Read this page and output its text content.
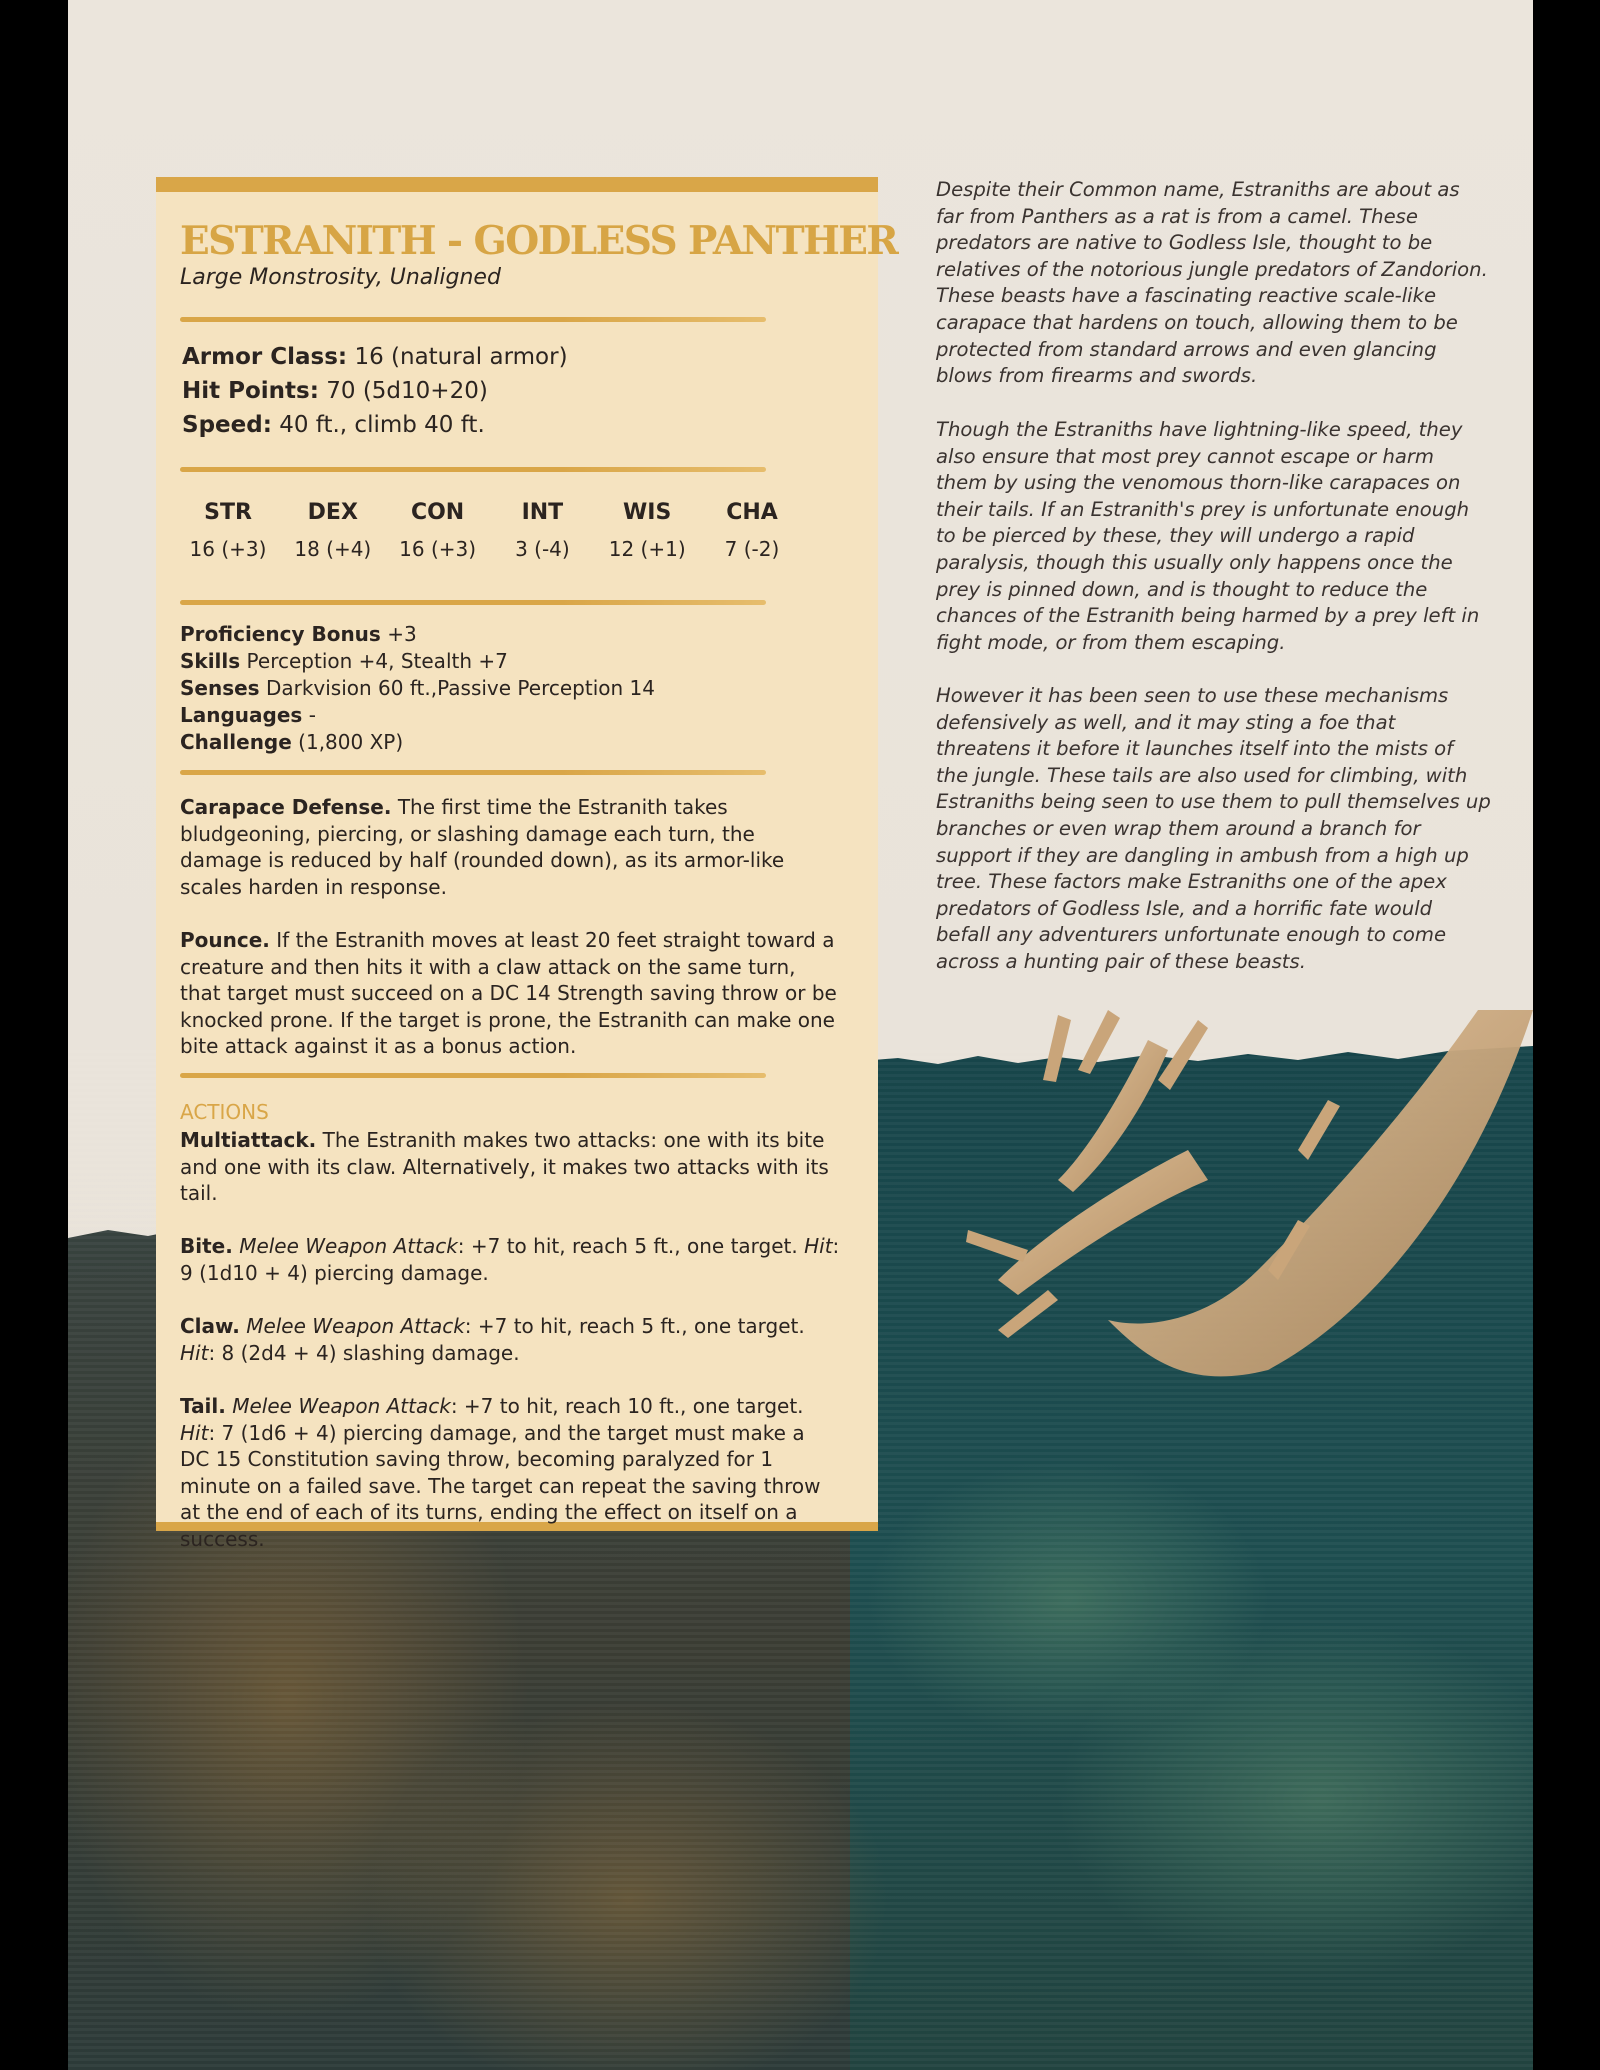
ESTRANITH - GODLESS PANTHER
Large Monstrosity, Unaligned
Armor Class: 16 (natural armor)
Hit Points: 70 (5d10+20)
Speed: 40 ft., climb 40 ft.
STR
16 (+3)
DEX
18 (+4)
CON
16 (+3)
INT
3 (-4)
WIS
12 (+1)
CHA
7 (-2)
Proficiency Bonus +3
Skills Perception +4, Stealth +7
Senses Darkvision 60 ft.,Passive Perception 14
Languages -
Challenge (1,800 XP)
Carapace Defense. The first time the Estranith takes bludgeoning, piercing, or slashing damage each turn, the damage is reduced by half (rounded down), as its armor-like scales harden in response.
Pounce. If the Estranith moves at least 20 feet straight toward a creature and then hits it with a claw attack on the same turn, that target must succeed on a DC 14 Strength saving throw or be knocked prone. If the target is prone, the Estranith can make one bite attack against it as a bonus action.
ACTIONS
Multiattack. The Estranith makes two attacks: one with its bite and one with its claw. Alternatively, it makes two attacks with its tail.
Bite. Melee Weapon Attack: +7 to hit, reach 5 ft., one target. Hit: 9 (1d10 + 4) piercing damage.
Claw. Melee Weapon Attack: +7 to hit, reach 5 ft., one target. Hit: 8 (2d4 + 4) slashing damage.
Tail. Melee Weapon Attack: +7 to hit, reach 10 ft., one target. Hit: 7 (1d6 + 4) piercing damage, and the target must make a DC 15 Constitution saving throw, becoming paralyzed for 1 minute on a failed save. The target can repeat the saving throw at the end of each of its turns, ending the effect on itself on a success.

Despite their Common name, Estraniths are about as far from Panthers as a rat is from a camel. These predators are native to Godless Isle, thought to be relatives of the notorious jungle predators of Zandorion. These beasts have a fascinating reactive scale-like carapace that hardens on touch, allowing them to be protected from standard arrows and even glancing blows from firearms and swords.

Though the Estraniths have lightning-like speed, they also ensure that most prey cannot escape or harm them by using the venomous thorn-like carapaces on their tails. If an Estranith's prey is unfortunate enough to be pierced by these, they will undergo a rapid paralysis, though this usually only happens once the prey is pinned down, and is thought to reduce the chances of the Estranith being harmed by a prey left in fight mode, or from them escaping.

However it has been seen to use these mechanisms defensively as well, and it may sting a foe that threatens it before it launches itself into the mists of the jungle. These tails are also used for climbing, with Estraniths being seen to use them to pull themselves up branches or even wrap them around a branch for support if they are dangling in ambush from a high up tree. These factors make Estraniths one of the apex predators of Godless Isle, and a horrific fate would befall any adventurers unfortunate enough to come across a hunting pair of these beasts.
